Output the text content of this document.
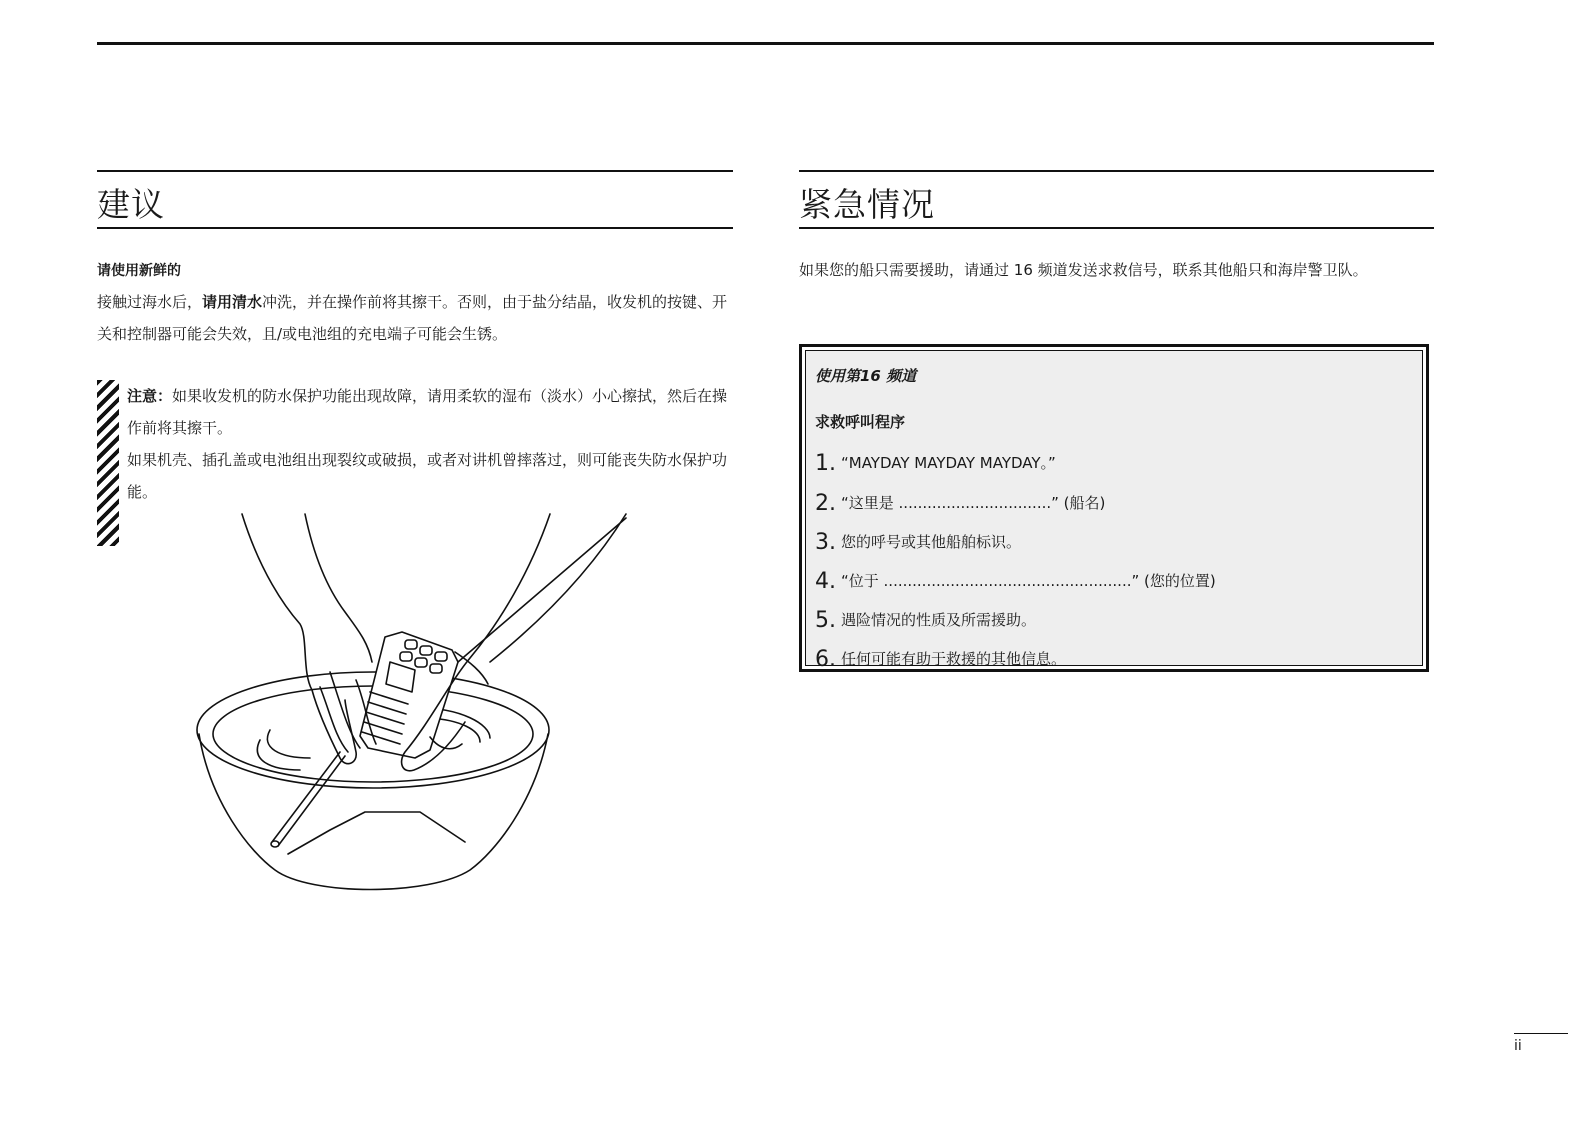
建议
请使用新鲜的
接触过海水后，请用清水冲洗，并在操作前将其擦干。否则，由于盐分结晶，收发机的按键、开关和控制器可能会失效，且/或电池组的充电端子可能会生锈。
注意：如果收发机的防水保护功能出现故障，请用柔软的湿布（淡水）小心擦拭，然后在操作前将其擦干。
如果机壳、插孔盖或电池组出现裂纹或破损，或者对讲机曾摔落过，则可能丧失防水保护功能。
紧急情况
如果您的船只需要援助，请通过 16 频道发送求救信号，联系其他船只和海岸警卫队。
使用第16 频道
求救呼叫程序
1. “MAYDAY MAYDAY MAYDAY。”
2. “这里是 ................................” (船名)
3. 您的呼号或其他船舶标识。
4. “位于 ....................................................” (您的位置)
5. 遇险情况的性质及所需援助。
6. 任何可能有助于救援的其他信息。
ii
